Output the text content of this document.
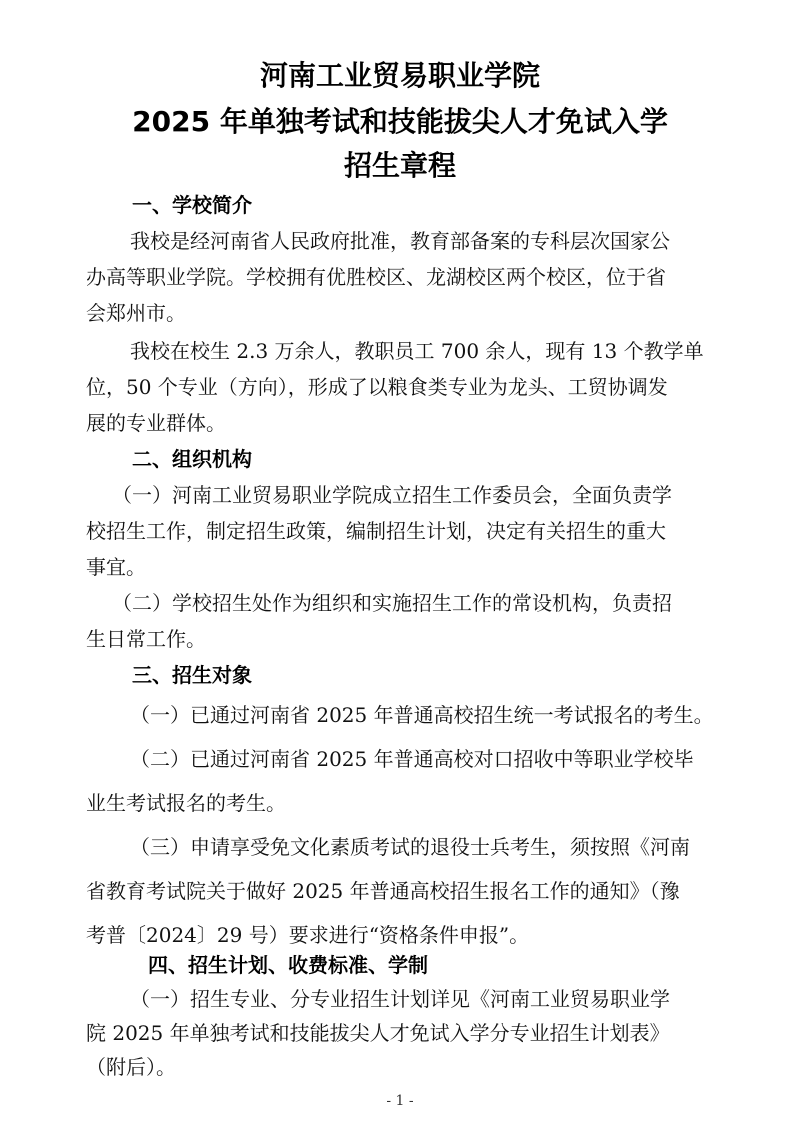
河南工业贸易职业学院
2025 年单独考试和技能拔尖人才免试入学
招生章程
一、学校简介
我校是经河南省人民政府批准，教育部备案的专科层次国家公
办高等职业学院。学校拥有优胜校区、龙湖校区两个校区，位于省
会郑州市。
我校在校生 2.3 万余人，教职员工 700 余人，现有 13 个教学单
位，50 个专业（方向），形成了以粮食类专业为龙头、工贸协调发
展的专业群体。
二、组织机构
（一）河南工业贸易职业学院成立招生工作委员会，全面负责学
校招生工作，制定招生政策，编制招生计划，决定有关招生的重大
事宜。
（二）学校招生处作为组织和实施招生工作的常设机构，负责招
生日常工作。
三、招生对象
（一）已通过河南省 2025 年普通高校招生统一考试报名的考生。
（二）已通过河南省 2025 年普通高校对口招收中等职业学校毕
业生考试报名的考生。
（三）申请享受免文化素质考试的退役士兵考生，须按照《河南
省教育考试院关于做好 2025 年普通高校招生报名工作的通知》（豫
考普〔2024〕29 号）要求进行“资格条件申报”。
四、招生计划、收费标准、学制
（一）招生专业、分专业招生计划详见《河南工业贸易职业学
- 1 -
院 2025 年单独考试和技能拔尖人才免试入学分专业招生计划表》
（附后）。
